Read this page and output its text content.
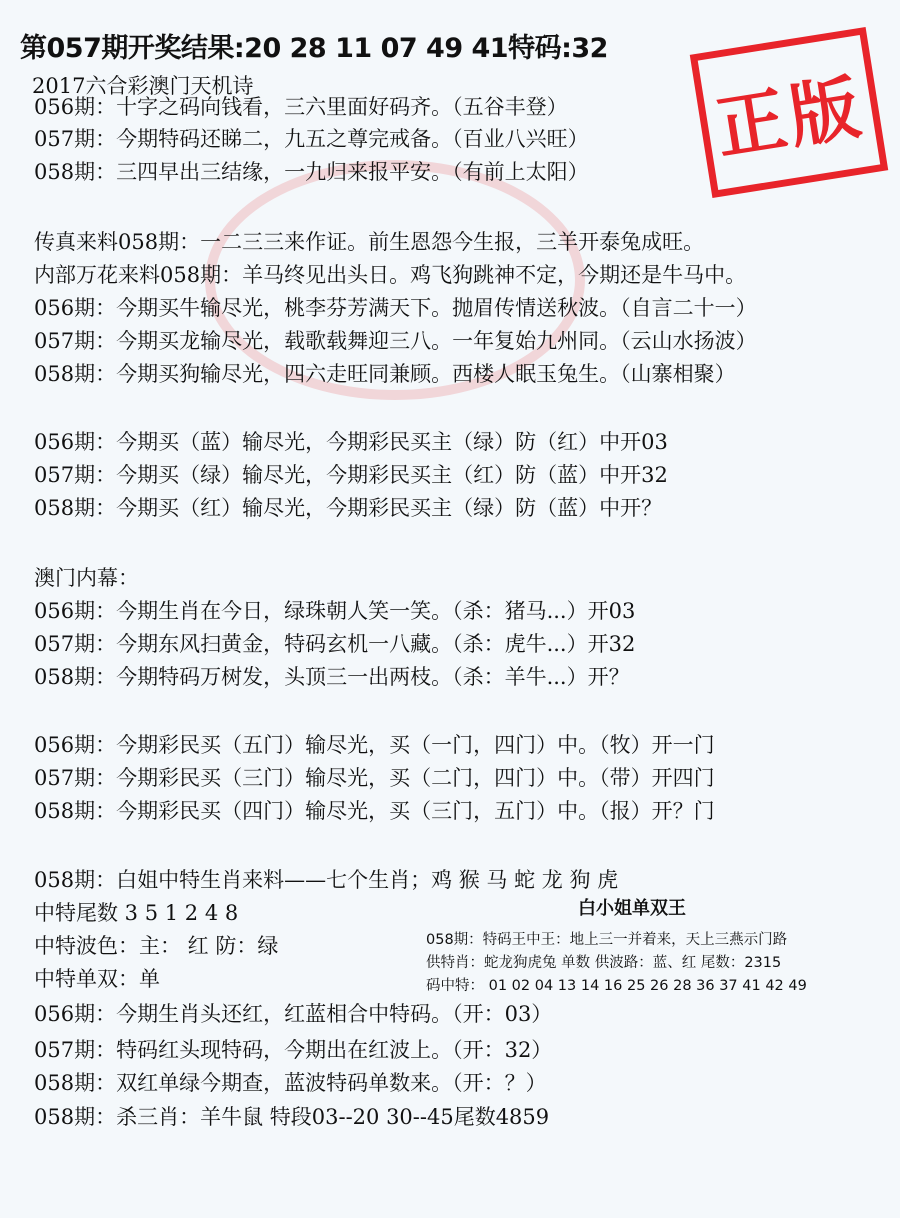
第057期开奖结果:20 28 11 07 49 41特码:32
正版
2017六合彩澳门天机诗
056期：十字之码向钱看，三六里面好码齐。（五谷丰登）
057期：今期特码还睇二，九五之尊完戒备。（百业八兴旺）
058期：三四早出三结缘，一九归来报平安。（有前上太阳）
传真来料058期：一二三三来作证。前生恩怨今生报，三羊开泰兔成旺。
内部万花来料058期：羊马终见出头日。鸡飞狗跳神不定，今期还是牛马中。
056期：今期买牛输尽光，桃李芬芳满天下。抛眉传情送秋波。（自言二十一）
057期：今期买龙输尽光，载歌载舞迎三八。一年复始九州同。（云山水扬波）
058期：今期买狗输尽光，四六走旺同兼顾。西楼人眠玉兔生。（山寨相聚）
056期：今期买（蓝）输尽光，今期彩民买主（绿）防（红）中开03
057期：今期买（绿）输尽光，今期彩民买主（红）防（蓝）中开32
058期：今期买（红）输尽光，今期彩民买主（绿）防（蓝）中开？
澳门内幕：
056期：今期生肖在今日，绿珠朝人笑一笑。（杀：猪马...）开03
057期：今期东风扫黄金，特码玄机一八藏。（杀：虎牛...）开32
058期：今期特码万树发，头顶三一出两枝。（杀：羊牛...）开？
056期：今期彩民买（五门）输尽光，买（一门，四门）中。（牧）开一门
057期：今期彩民买（三门）输尽光，买（二门，四门）中。（带）开四门
058期：今期彩民买（四门）输尽光，买（三门，五门）中。（报）开？门
058期：白姐中特生肖来料——七个生肖；鸡 猴 马 蛇 龙 狗 虎
中特尾数 3 5 1 2 4 8
中特波色：主： 红 防：绿
中特单双：单
056期：今期生肖头还红，红蓝相合中特码。（开：03）
057期：特码红头现特码，今期出在红波上。（开：32）
058期：双红单绿今期查，蓝波特码单数来。（开：？）
058期：杀三肖：羊牛鼠 特段03--20 30--45尾数4859
白小姐单双王
058期：特码王中王：地上三一并着来，天上三燕示门路
供特肖：蛇龙狗虎兔 单数 供波路：蓝、红 尾数：2315
码中特： 01 02 04 13 14 16 25 26 28 36 37 41 42 49
